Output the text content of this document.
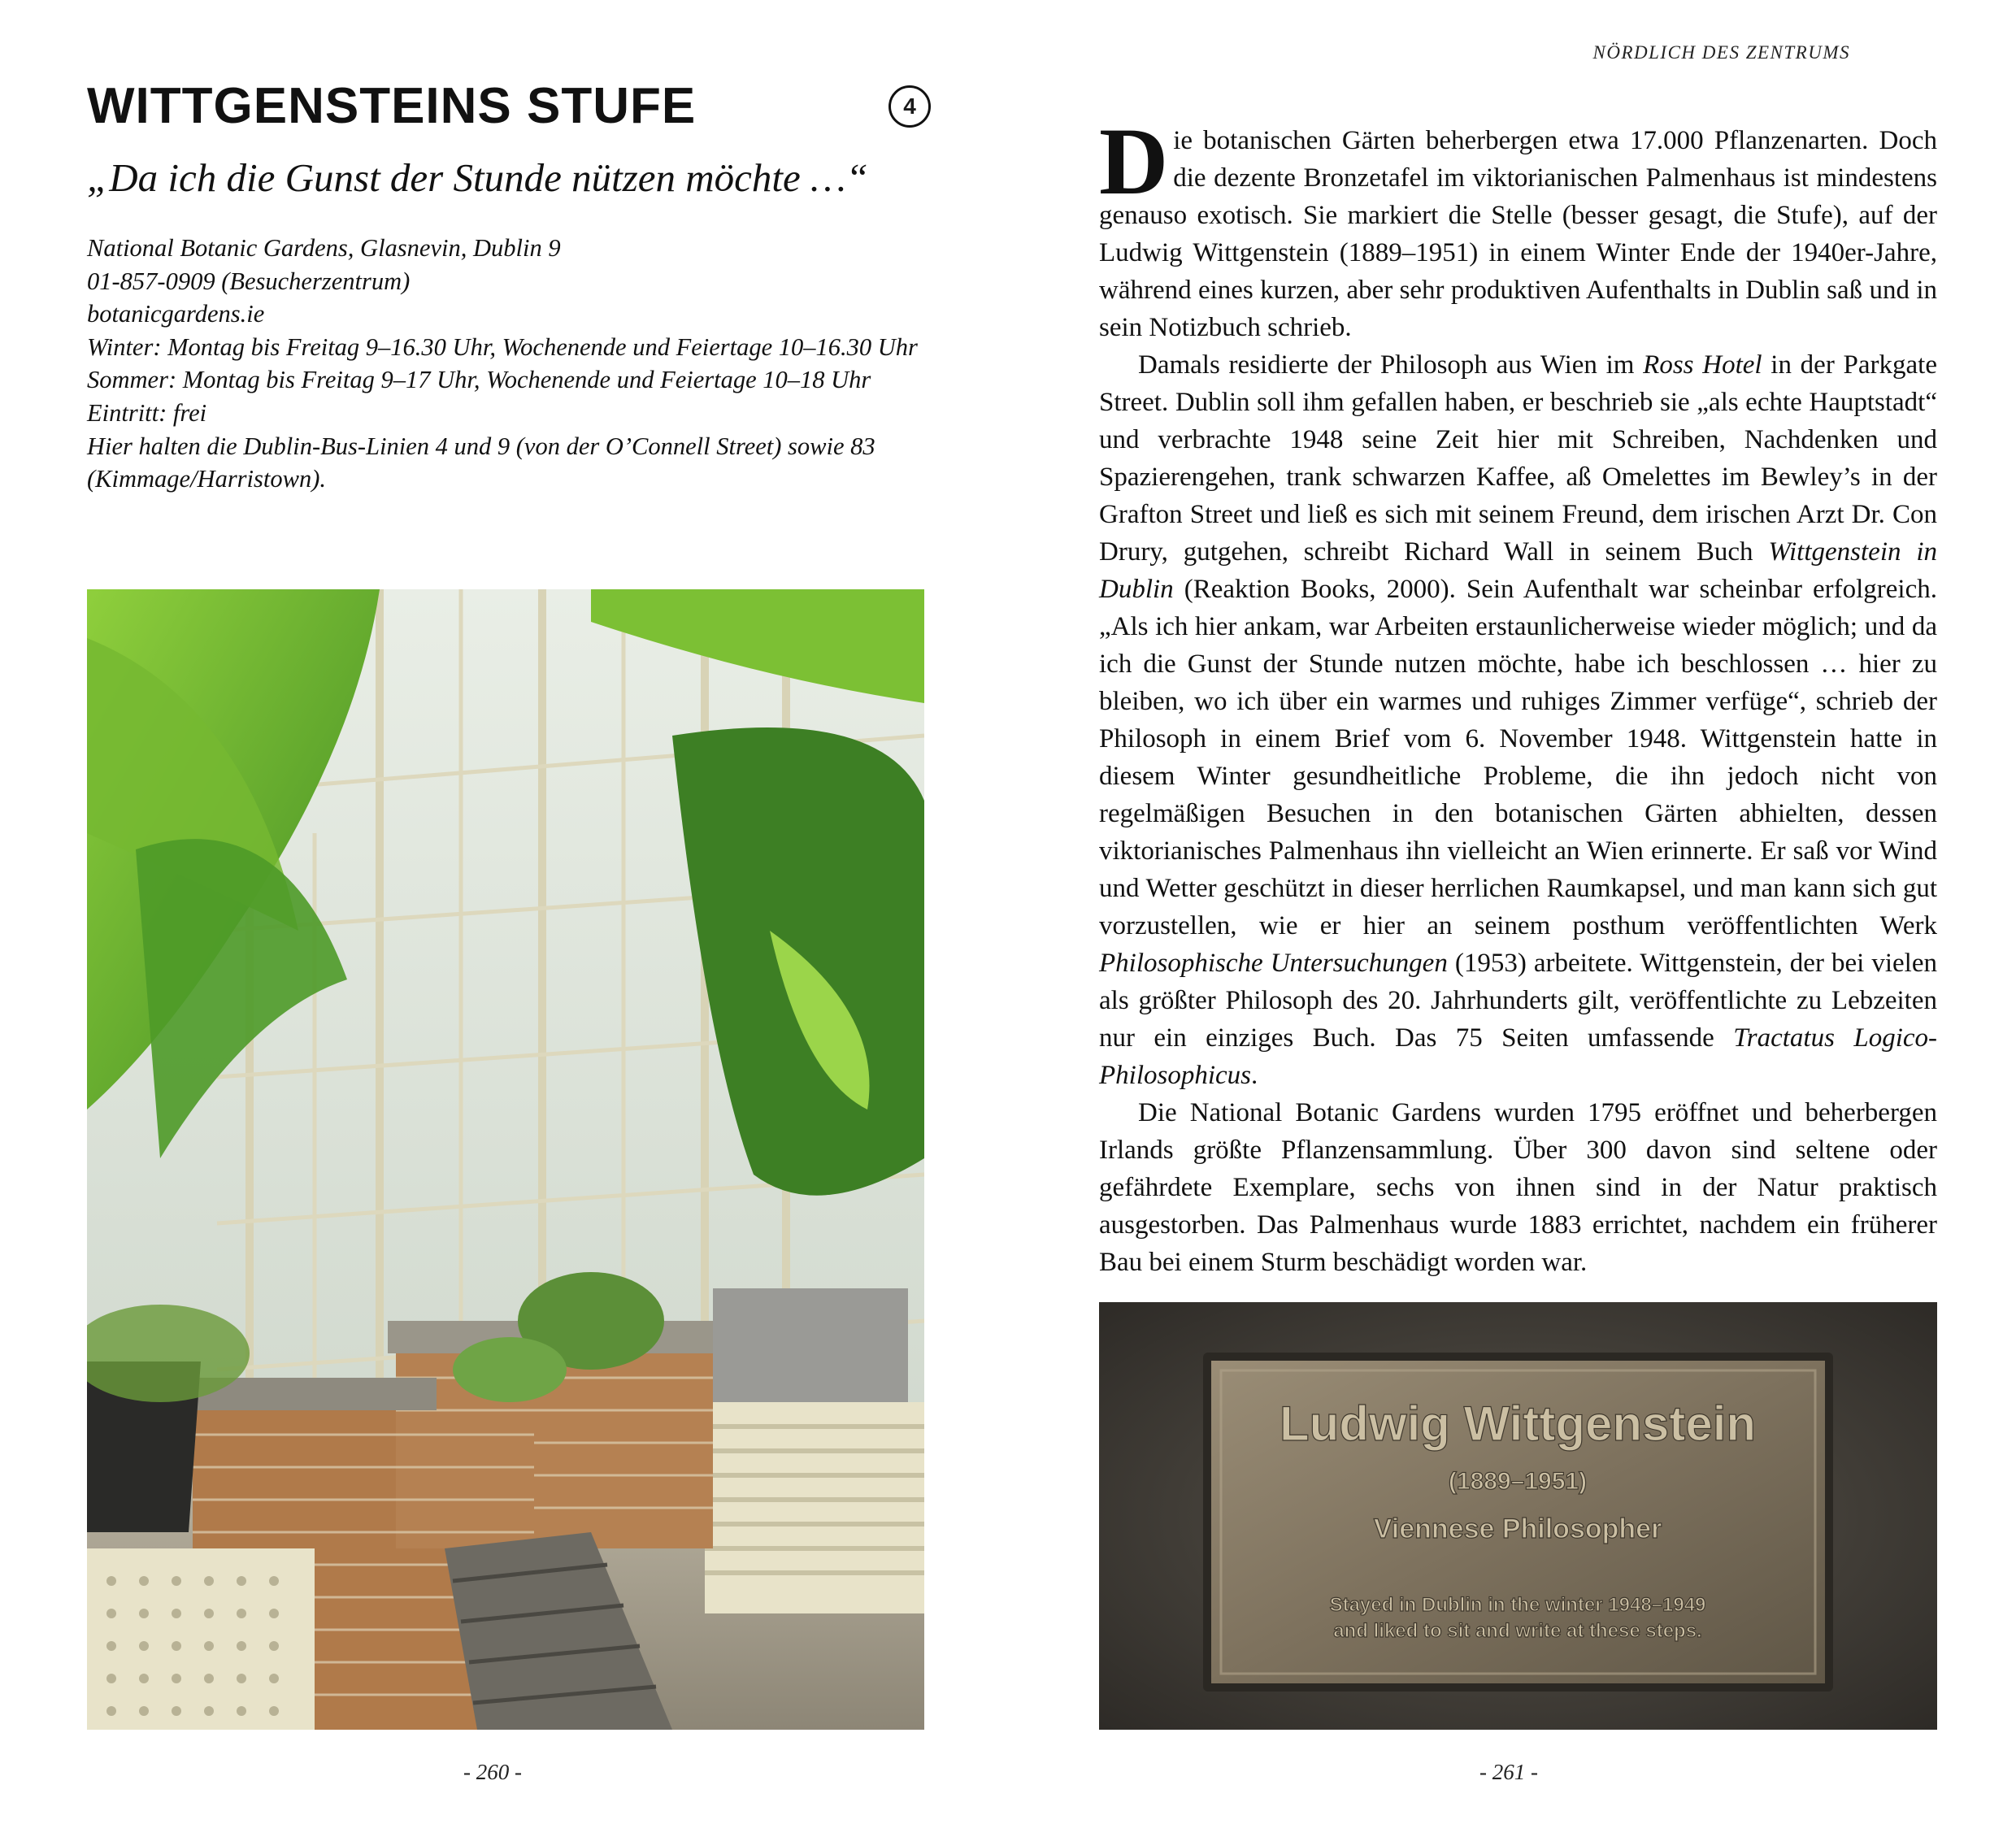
WITTGENSTEINS STUFE	4
„Da ich die Gunst der Stunde nützen möchte …“
National Botanic Gardens, Glasnevin, Dublin 9
01-857-0909 (Besucherzentrum)
botanicgardens.ie
Winter: Montag bis Freitag 9–16.30 Uhr, Wochenende und Feiertage 10–16.30 Uhr
Sommer: Montag bis Freitag 9–17 Uhr, Wochenende und Feiertage 10–18 Uhr
Eintritt: frei
Hier halten die Dublin-Bus-Linien 4 und 9 (von der O’Connell Street) sowie 83
(Kimmage/Harristown).
- 260 -
NÖRDLICH DES ZENTRUMS

Die botanischen Gärten beherbergen etwa 17.000 Pflanzenarten. Doch die dezente Bronzetafel im viktorianischen Palmenhaus ist mindestens genauso exotisch. Sie markiert die Stelle (besser gesagt, die Stufe), auf der Ludwig Wittgenstein (1889–1951) in einem Winter Ende der 1940er-Jahre, während eines kurzen, aber sehr produktiven Aufenthalts in Dublin saß und in sein Notizbuch schrieb.

Damals residierte der Philosoph aus Wien im Ross Hotel in der Parkgate Street. Dublin soll ihm gefallen haben, er beschrieb sie „als echte Hauptstadt“ und verbrachte 1948 seine Zeit hier mit Schreiben, Nachdenken und Spazierengehen, trank schwarzen Kaffee, aß Omelettes im Bewley’s in der Grafton Street und ließ es sich mit seinem Freund, dem irischen Arzt Dr. Con Drury, gutgehen, schreibt Richard Wall in seinem Buch Wittgenstein in Dublin (Reaktion Books, 2000). Sein Aufenthalt war scheinbar erfolgreich. „Als ich hier ankam, war Arbeiten erstaunlicherweise wieder möglich; und da ich die Gunst der Stunde nutzen möchte, habe ich beschlossen … hier zu bleiben, wo ich über ein warmes und ruhiges Zimmer verfüge“, schrieb der Philosoph in einem Brief vom 6. November 1948. Wittgenstein hatte in diesem Winter gesundheitliche Probleme, die ihn jedoch nicht von regelmäßigen Besuchen in den botanischen Gärten abhielten, dessen viktorianisches Palmenhaus ihn vielleicht an Wien erinnerte. Er saß vor Wind und Wetter geschützt in dieser herrlichen Raumkapsel, und man kann sich gut vorzustellen, wie er hier an seinem posthum veröffentlichten Werk Philosophische Untersuchungen (1953) arbeitete. Wittgenstein, der bei vielen als größter Philosoph des 20. Jahrhunderts gilt, veröffentlichte zu Lebzeiten nur ein einziges Buch. Das 75 Seiten umfassende Tractatus Logico-Philosophicus.

Die National Botanic Gardens wurden 1795 eröffnet und beherbergen Irlands größte Pflanzensammlung. Über 300 davon sind seltene oder gefährdete Exemplare, sechs von ihnen sind in der Natur praktisch ausgestorben. Das Palmenhaus wurde 1883 errichtet, nachdem ein früherer Bau bei einem Sturm beschädigt worden war.

Ludwig Wittgenstein
(1889–1951)
Viennese Philosopher
Stayed in Dublin in the winter 1948–1949
and liked to sit and write at these steps.
- 261 -
